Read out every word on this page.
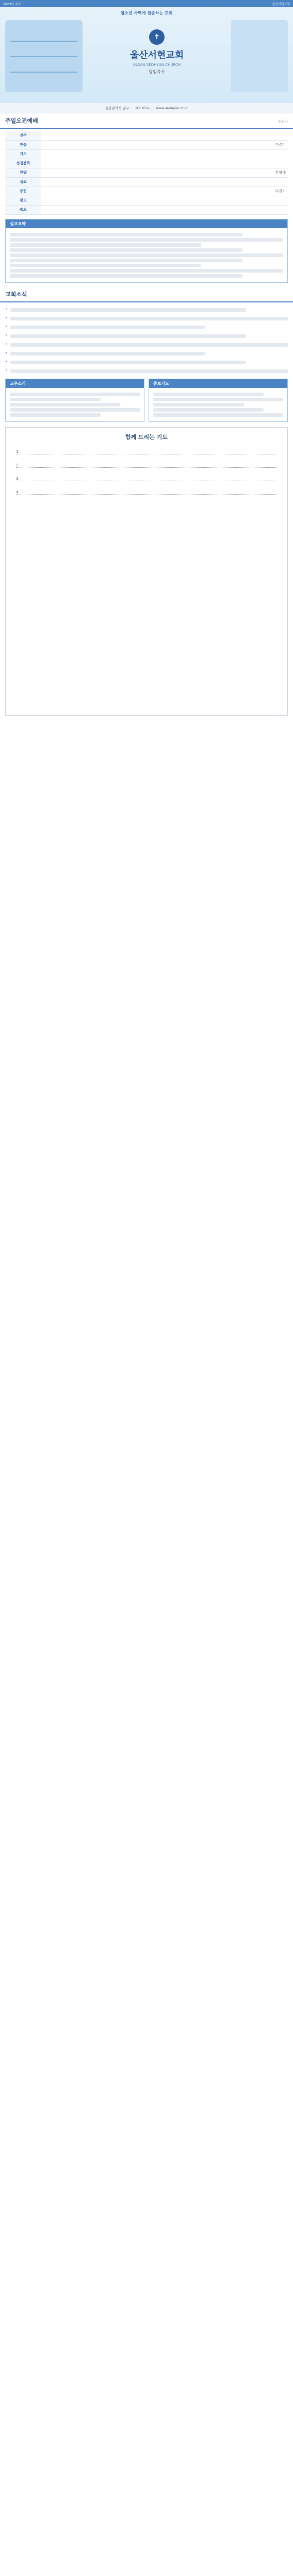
2023년 주보	울산서현교회
청소년 사역에 집중하는 교회
✝
울산서현교회
ULSAN SEOHYUN CHURCH
담임목사
울산광역시 남구 TEL 052- www.seohyun.or.kr
주일오전예배	인도자
전주		
찬송		다같이
기도		
성경봉독		
찬양		찬양대
설교		
봉헌		다같이
광고		
축도		
설교요약
교회소식
•
•
•
•
•
•
•
•
교우소식	중보기도
함께 드리는 기도
1.
2.
3.
4.
